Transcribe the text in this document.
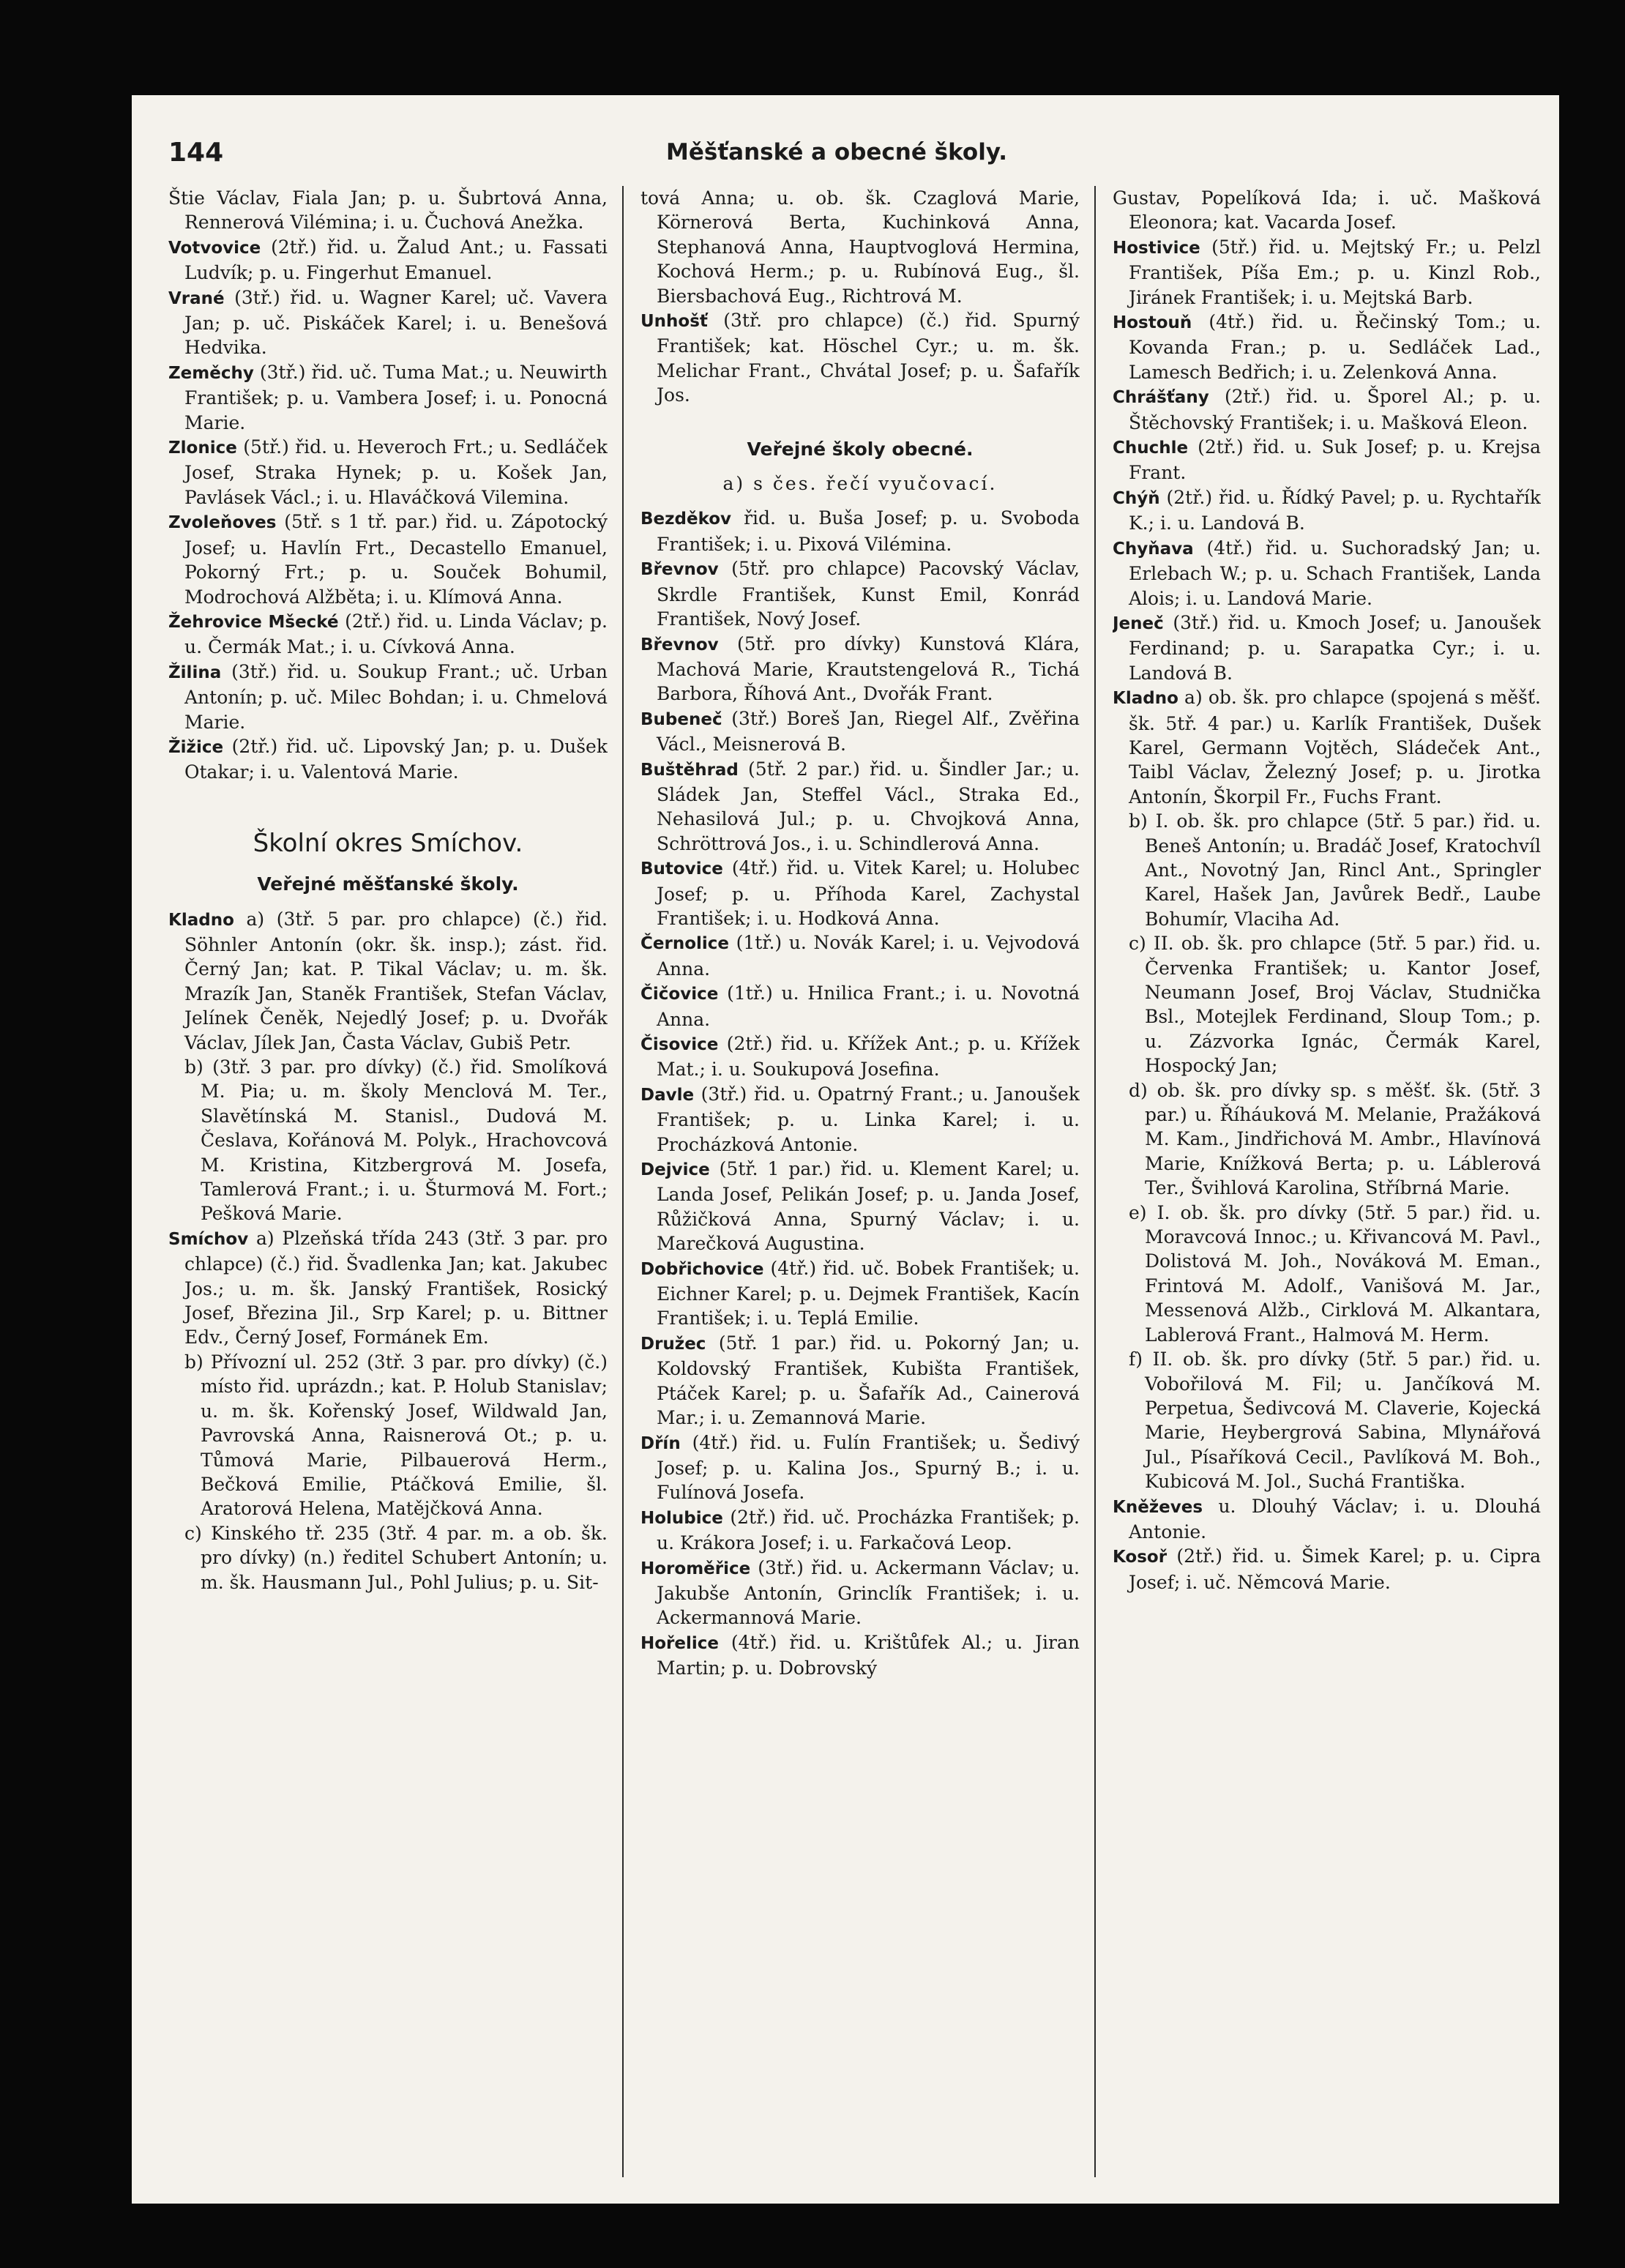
144	Měšťanské a obecné školy.

Štie Václav, Fiala Jan; p. u. Šubrtová Anna, Rennerová Vilémina; i. u. Čuchová Anežka.

Votvovice (2tř.) řid. u. Žalud Ant.; u. Fassati Ludvík; p. u. Fingerhut Emanuel.

Vrané (3tř.) řid. u. Wagner Karel; uč. Vavera Jan; p. uč. Piskáček Karel; i. u. Benešová Hedvika.

Zeměchy (3tř.) řid. uč. Tuma Mat.; u. Neuwirth František; p. u. Vambera Josef; i. u. Ponocná Marie.

Zlonice (5tř.) řid. u. Heveroch Frt.; u. Sedláček Josef, Straka Hynek; p. u. Košek Jan, Pavlásek Václ.; i. u. Hlaváčková Vilemina.

Zvoleňoves (5tř. s 1 tř. par.) řid. u. Zápotocký Josef; u. Havlín Frt., Decastello Emanuel, Pokorný Frt.; p. u. Souček Bohumil, Modrochová Alžběta; i. u. Klímová Anna.

Žehrovice Mšecké (2tř.) řid. u. Linda Václav; p. u. Čermák Mat.; i. u. Cívková Anna.

Žilina (3tř.) řid. u. Soukup Frant.; uč. Urban Antonín; p. uč. Milec Bohdan; i. u. Chmelová Marie.

Žižice (2tř.) řid. uč. Lipovský Jan; p. u. Dušek Otakar; i. u. Valentová Marie.

Školní okres Smíchov.
Veřejné měšťanské školy.

Kladno a) (3tř. 5 par. pro chlapce) (č.) řid. Söhnler Antonín (okr. šk. insp.); zást. řid. Černý Jan; kat. P. Tikal Václav; u. m. šk. Mrazík Jan, Staněk František, Stefan Václav, Jelínek Čeněk, Nejedlý Josef; p. u. Dvořák Václav, Jílek Jan, Časta Václav, Gubiš Petr.

b) (3tř. 3 par. pro dívky) (č.) řid. Smolíková M. Pia; u. m. školy Menclová M. Ter., Slavětínská M. Stanisl., Dudová M. Česlava, Kořánová M. Polyk., Hrachovcová M. Kristina, Kitzbergrová M. Josefa, Tamlerová Frant.; i. u. Šturmová M. Fort.; Pešková Marie.

Smíchov a) Plzeňská třída 243 (3tř. 3 par. pro chlapce) (č.) řid. Švadlenka Jan; kat. Jakubec Jos.; u. m. šk. Janský František, Rosický Josef, Březina Jil., Srp Karel; p. u. Bittner Edv., Černý Josef, Formánek Em.

b) Přívozní ul. 252 (3tř. 3 par. pro dívky) (č.) místo řid. uprázdn.; kat. P. Holub Stanislav; u. m. šk. Kořenský Josef, Wildwald Jan, Pavrovská Anna, Raisnerová Ot.; p. u. Tůmová Marie, Pilbauerová Herm., Bečková Emilie, Ptáčková Emilie, šl. Aratorová Helena, Matějčková Anna.

c) Kinského tř. 235 (3tř. 4 par. m. a ob. šk. pro dívky) (n.) ředitel Schubert Antonín; u. m. šk. Hausmann Jul., Pohl Julius; p. u. Sit-

tová Anna; u. ob. šk. Czaglová Marie, Körnerová Berta, Kuchinková Anna, Stephanová Anna, Hauptvoglová Hermina, Kochová Herm.; p. u. Rubínová Eug., šl. Biersbachová Eug., Richtrová M.

Unhošť (3tř. pro chlapce) (č.) řid. Spurný František; kat. Höschel Cyr.; u. m. šk. Melichar Frant., Chvátal Josef; p. u. Šafařík Jos.

Veřejné školy obecné.
a) s čes. řečí vyučovací.

Bezděkov řid. u. Buša Josef; p. u. Svoboda František; i. u. Pixová Vilémina.

Břevnov (5tř. pro chlapce) Pacovský Václav, Skrdle František, Kunst Emil, Konrád František, Nový Josef.

Břevnov (5tř. pro dívky) Kunstová Klára, Machová Marie, Krautstengelová R., Tichá Barbora, Říhová Ant., Dvořák Frant.

Bubeneč (3tř.) Boreš Jan, Riegel Alf., Zvěřina Václ., Meisnerová B.

Buštěhrad (5tř. 2 par.) řid. u. Šindler Jar.; u. Sládek Jan, Steffel Václ., Straka Ed., Nehasilová Jul.; p. u. Chvojková Anna, Schröttrová Jos., i. u. Schindlerová Anna.

Butovice (4tř.) řid. u. Vitek Karel; u. Holubec Josef; p. u. Příhoda Karel, Zachystal František; i. u. Hodková Anna.

Černolice (1tř.) u. Novák Karel; i. u. Vejvodová Anna.

Čičovice (1tř.) u. Hnilica Frant.; i. u. Novotná Anna.

Čisovice (2tř.) řid. u. Křížek Ant.; p. u. Křížek Mat.; i. u. Soukupová Josefina.

Davle (3tř.) řid. u. Opatrný Frant.; u. Janoušek František; p. u. Linka Karel; i. u. Procházková Antonie.

Dejvice (5tř. 1 par.) řid. u. Klement Karel; u. Landa Josef, Pelikán Josef; p. u. Janda Josef, Růžičková Anna, Spurný Václav; i. u. Marečková Augustina.

Dobřichovice (4tř.) řid. uč. Bobek František; u. Eichner Karel; p. u. Dejmek František, Kacín František; i. u. Teplá Emilie.

Družec (5tř. 1 par.) řid. u. Pokorný Jan; u. Koldovský František, Kubišta František, Ptáček Karel; p. u. Šafařík Ad., Cainerová Mar.; i. u. Zemannová Marie.

Dřín (4tř.) řid. u. Fulín František; u. Šedivý Josef; p. u. Kalina Jos., Spurný B.; i. u. Fulínová Josefa.

Holubice (2tř.) řid. uč. Procházka František; p. u. Krákora Josef; i. u. Farkačová Leop.

Horoměřice (3tř.) řid. u. Ackermann Václav; u. Jakubše Antonín, Grinclík František; i. u. Ackermannová Marie.

Hořelice (4tř.) řid. u. Krištůfek Al.; u. Jiran Martin; p. u. Dobrovský

Gustav, Popelíková Ida; i. uč. Mašková Eleonora; kat. Vacarda Josef.

Hostivice (5tř.) řid. u. Mejtský Fr.; u. Pelzl František, Píša Em.; p. u. Kinzl Rob., Jiránek František; i. u. Mejtská Barb.

Hostouň (4tř.) řid. u. Řečinský Tom.; u. Kovanda Fran.; p. u. Sedláček Lad., Lamesch Bedřich; i. u. Zelenková Anna.

Chrášťany (2tř.) řid. u. Šporel Al.; p. u. Štěchovský František; i. u. Mašková Eleon.

Chuchle (2tř.) řid. u. Suk Josef; p. u. Krejsa Frant.

Chýň (2tř.) řid. u. Řídký Pavel; p. u. Rychtařík K.; i. u. Landová B.

Chyňava (4tř.) řid. u. Suchoradský Jan; u. Erlebach W.; p. u. Schach František, Landa Alois; i. u. Landová Marie.

Jeneč (3tř.) řid. u. Kmoch Josef; u. Janoušek Ferdinand; p. u. Sarapatka Cyr.; i. u. Landová B.

Kladno a) ob. šk. pro chlapce (spojená s měšť. šk. 5tř. 4 par.) u. Karlík František, Dušek Karel, Germann Vojtěch, Sládeček Ant., Taibl Václav, Železný Josef; p. u. Jirotka Antonín, Škorpil Fr., Fuchs Frant.

b) I. ob. šk. pro chlapce (5tř. 5 par.) řid. u. Beneš Antonín; u. Bradáč Josef, Kratochvíl Ant., Novotný Jan, Rincl Ant., Springler Karel, Hašek Jan, Javůrek Bedř., Laube Bohumír, Vlaciha Ad.

c) II. ob. šk. pro chlapce (5tř. 5 par.) řid. u. Červenka František; u. Kantor Josef, Neumann Josef, Broj Václav, Studnička Bsl., Motejlek Ferdinand, Sloup Tom.; p. u. Zázvorka Ignác, Čermák Karel, Hospocký Jan;

d) ob. šk. pro dívky sp. s měšť. šk. (5tř. 3 par.) u. Říháuková M. Melanie, Pražáková M. Kam., Jindřichová M. Ambr., Hlavínová Marie, Knížková Berta; p. u. Láblerová Ter., Švihlová Karolina, Stříbrná Marie.

e) I. ob. šk. pro dívky (5tř. 5 par.) řid. u. Moravcová Innoc.; u. Křivancová M. Pavl., Dolistová M. Joh., Nováková M. Eman., Frintová M. Adolf., Vanišová M. Jar., Messenová Alžb., Cirklová M. Alkantara, Lablerová Frant., Halmová M. Herm.

f) II. ob. šk. pro dívky (5tř. 5 par.) řid. u. Vobořilová M. Fil; u. Jančíková M. Perpetua, Šedivcová M. Claverie, Kojecká Marie, Heybergrová Sabina, Mlynářová Jul., Písaříková Cecil., Pavlíková M. Boh., Kubicová M. Jol., Suchá Františka.

Kněževes u. Dlouhý Václav; i. u. Dlouhá Antonie.

Kosoř (2tř.) řid. u. Šimek Karel; p. u. Cipra Josef; i. uč. Němcová Marie.
